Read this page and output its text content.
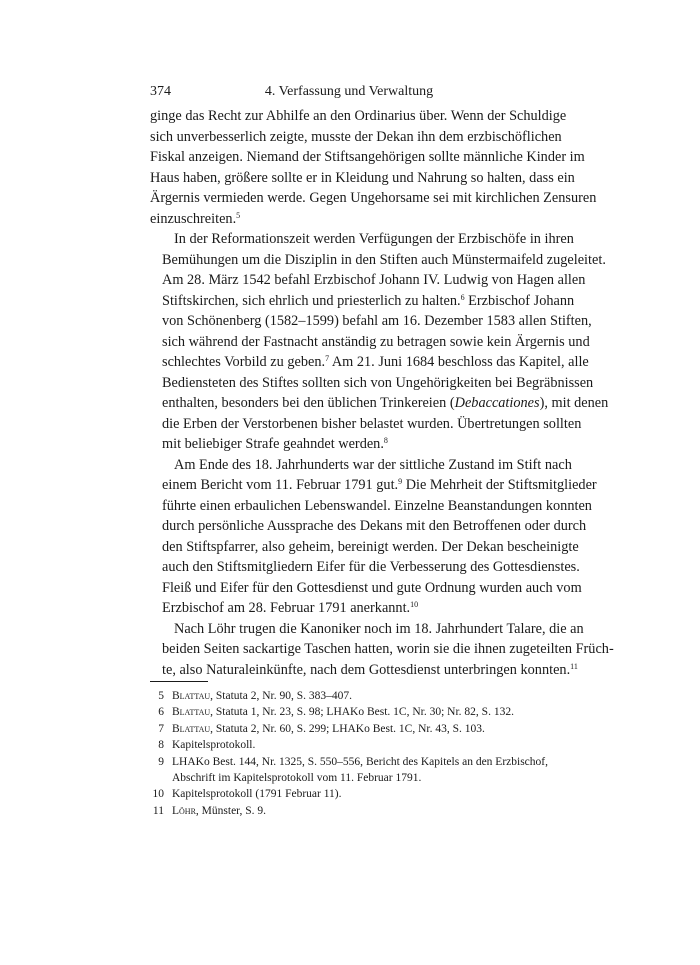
374	4. Verfassung und Verwaltung

ginge das Recht zur Abhilfe an den Ordinarius über. Wenn der Schuldige
sich unverbesserlich zeigte, musste der Dekan ihn dem erzbischöflichen
Fiskal anzeigen. Niemand der Stiftsangehörigen sollte männliche Kinder im
Haus haben, größere sollte er in Kleidung und Nahrung so halten, dass ein
Ärgernis vermieden werde. Gegen Ungehorsame sei mit kirchlichen Zensuren
einzuschreiten.$^5$

In der Reformationszeit werden Verfügungen der Erzbischöfe in ihren
Bemühungen um die Disziplin in den Stiften auch Münstermaifeld zugeleitet.
Am 28. März 1542 befahl Erzbischof Johann IV. Ludwig von Hagen allen
Stiftskirchen, sich ehrlich und priesterlich zu halten.$^6$ Erzbischof Johann
von Schönenberg (1582–1599) befahl am 16. Dezember 1583 allen Stiften,
sich während der Fastnacht anständig zu betragen sowie kein Ärgernis und
schlechtes Vorbild zu geben.$^7$ Am 21. Juni 1684 beschloss das Kapitel, alle
Bediensteten des Stiftes sollten sich von Ungehörigkeiten bei Begräbnissen
enthalten, besonders bei den üblichen Trinkereien (Debaccationes), mit denen
die Erben der Verstorbenen bisher belastet wurden. Übertretungen sollten
mit beliebiger Strafe geahndet werden.$^8$

Am Ende des 18. Jahrhunderts war der sittliche Zustand im Stift nach
einem Bericht vom 11. Februar 1791 gut.$^9$ Die Mehrheit der Stiftsmitglieder
führte einen erbaulichen Lebenswandel. Einzelne Beanstandungen konnten
durch persönliche Aussprache des Dekans mit den Betroffenen oder durch
den Stiftspfarrer, also geheim, bereinigt werden. Der Dekan bescheinigte
auch den Stiftsmitgliedern Eifer für die Verbesserung des Gottesdienstes.
Fleiß und Eifer für den Gottesdienst und gute Ordnung wurden auch vom
Erzbischof am 28. Februar 1791 anerkannt.$^{10}$

Nach Löhr trugen die Kanoniker noch im 18. Jahrhundert Talare, die an
beiden Seiten sackartige Taschen hatten, worin sie die ihnen zugeteilten Früch-
te, also Naturaleinkünfte, nach dem Gottesdienst unterbringen konnten.$^{11}$

5 Blattau, Statuta 2, Nr. 90, S. 383–407.
6 Blattau, Statuta 1, Nr. 23, S. 98; LHAKo Best. 1C, Nr. 30; Nr. 82, S. 132.
7 Blattau, Statuta 2, Nr. 60, S. 299; LHAKo Best. 1C, Nr. 43, S. 103.
8 Kapitelsprotokoll.
9 LHAKo Best. 144, Nr. 1325, S. 550–556, Bericht des Kapitels an den Erzbischof, Abschrift im Kapitelsprotokoll vom 11. Februar 1791.
10 Kapitelsprotokoll (1791 Februar 11).
11 Löhr, Münster, S. 9.
